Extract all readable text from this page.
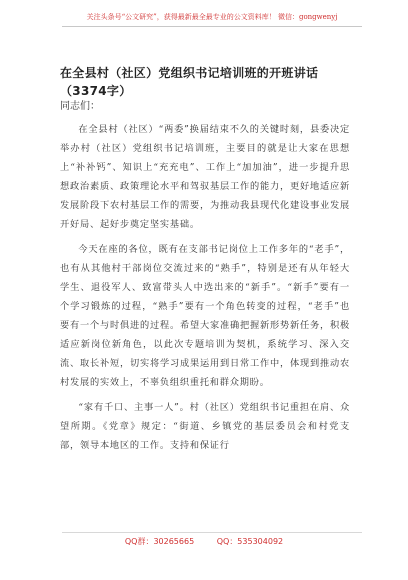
关注头条号“公文研究”，获得最新最全最专业的公文资料库！ 微信：gongwenyj
在全县村（社区）党组织书记培训班的开班讲话（3374字）
同志们：

在全县村（社区）“两委”换届结束不久的关键时刻，县委决定举办村（社区）党组织书记培训班，主要目的就是让大家在思想上“补补钙”、知识上“充充电”、工作上“加加油”，进一步提升思想政治素质、政策理论水平和驾驭基层工作的能力，更好地适应新发展阶段下农村基层工作的需要，为推动我县现代化建设事业发展开好局、起好步奠定坚实基础。

今天在座的各位，既有在支部书记岗位上工作多年的“老手”，也有从其他村干部岗位交流过来的“熟手”，特别是还有从年轻大学生、退役军人、致富带头人中选出来的“新手”。“新手”要有一个学习锻炼的过程，“熟手”要有一个角色转变的过程，“老手”也要有一个与时俱进的过程。希望大家准确把握新形势新任务，积极适应新岗位新角色，以此次专题培训为契机，系统学习、深入交流、取长补短，切实将学习成果运用到日常工作中，体现到推动农村发展的实效上，不辜负组织重托和群众期盼。

“家有千口、主事一人”。村（社区）党组织书记重担在肩、众望所期。《党章》规定：“街道、乡镇党的基层委员会和村党支部，领导本地区的工作。支持和保证行

QQ群：30265665	QQ：535304092
